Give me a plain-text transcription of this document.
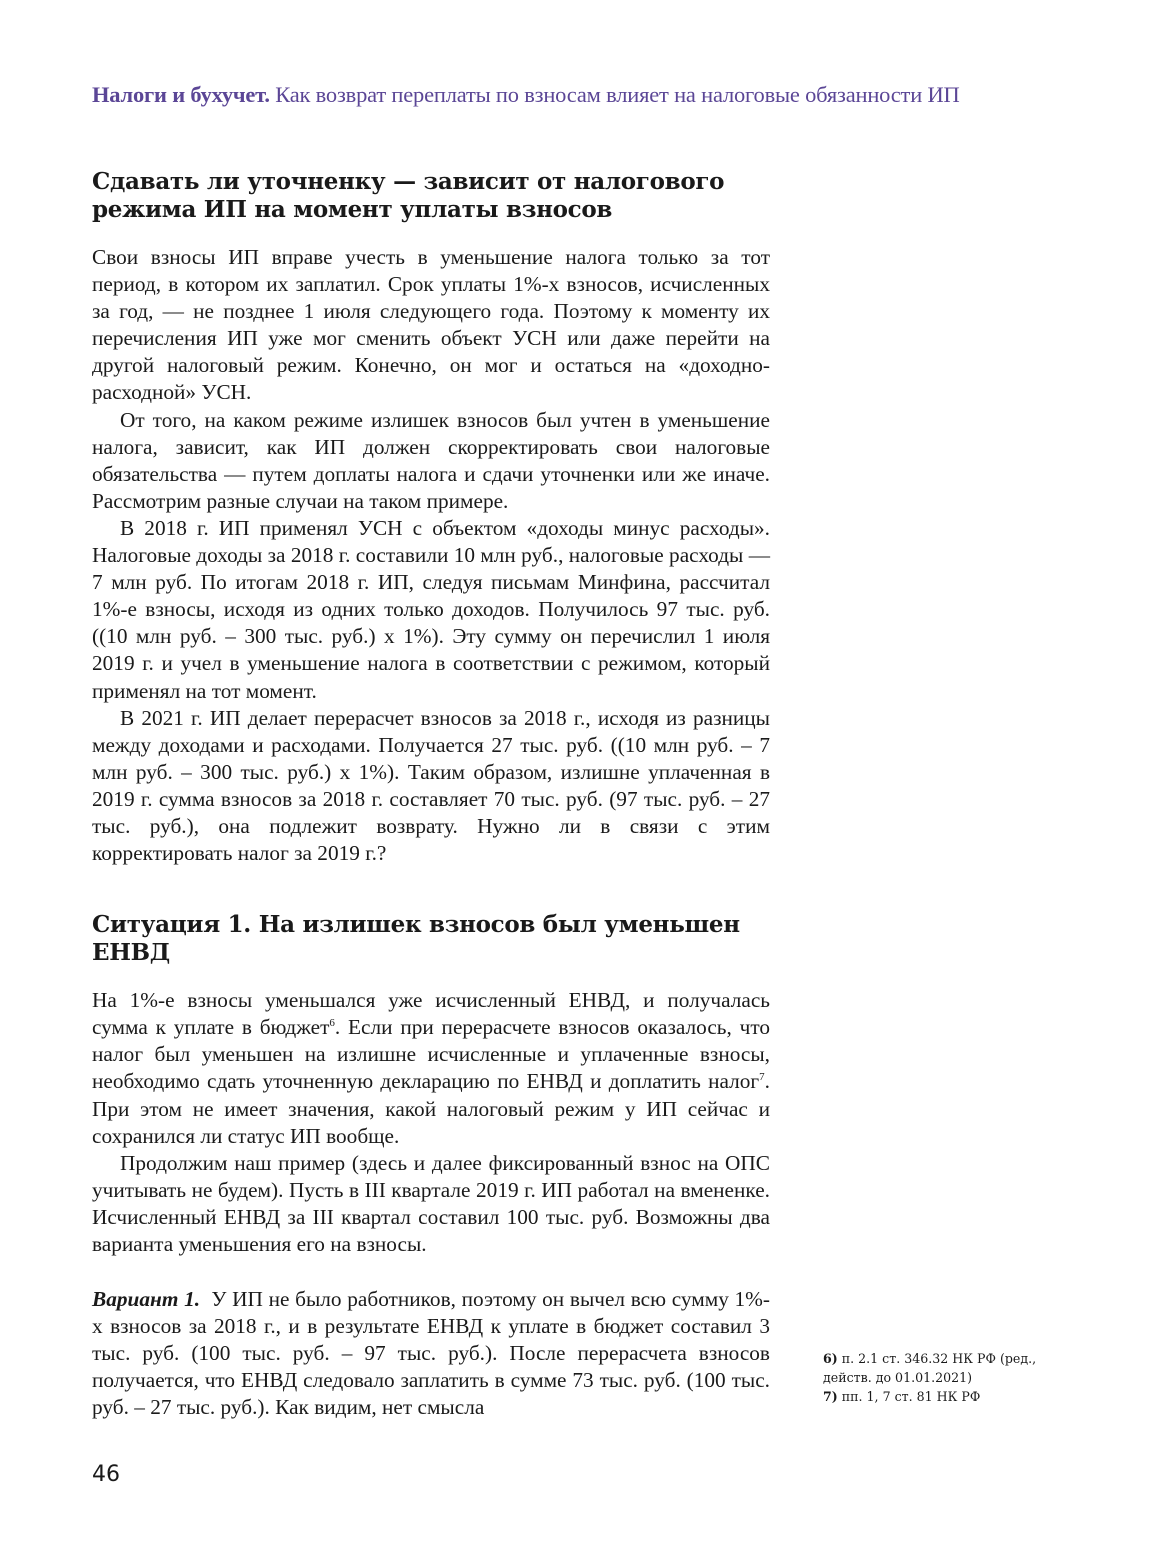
Налоги и бухучет. Как возврат переплаты по взносам влияет на налоговые обязанности ИП
Сдавать ли уточненку — зависит от налогового режима ИП на момент уплаты взносов

Свои взносы ИП вправе учесть в уменьшение налога только за тот период, в котором их заплатил. Срок уплаты 1%-х взносов, исчисленных за год, — не позднее 1 июля следующего года. Поэтому к моменту их перечисления ИП уже мог сменить объект УСН или даже перейти на другой налоговый режим. Конечно, он мог и остаться на «доходно-расходной» УСН.

От того, на каком режиме излишек взносов был учтен в уменьшение налога, зависит, как ИП должен скорректировать свои налоговые обязательства — путем доплаты налога и сдачи уточненки или же иначе. Рассмотрим разные случаи на таком примере.

В 2018 г. ИП применял УСН с объектом «доходы минус расходы». Налоговые доходы за 2018 г. составили 10 млн руб., налоговые расходы — 7 млн руб. По итогам 2018 г. ИП, следуя письмам Минфина, рассчитал 1%-е взносы, исходя из одних только доходов. Получилось 97 тыс. руб. ((10 млн руб. – 300 тыс. руб.) х 1%). Эту сумму он перечислил 1 июля 2019 г. и учел в уменьшение налога в соответствии с режимом, который применял на тот момент.

В 2021 г. ИП делает перерасчет взносов за 2018 г., исходя из разницы между доходами и расходами. Получается 27 тыс. руб. ((10 млн руб. – 7 млн руб. – 300 тыс. руб.) х 1%). Таким образом, излишне уплаченная в 2019 г. сумма взносов за 2018 г. составляет 70 тыс. руб. (97 тыс. руб. – 27 тыс. руб.), она подлежит возврату. Нужно ли в связи с этим корректировать налог за 2019 г.?

Ситуация 1. На излишек взносов был уменьшен ЕНВД

На 1%-е взносы уменьшался уже исчисленный ЕНВД, и получалась сумма к уплате в бюджет$^6$. Если при перерасчете взносов оказалось, что налог был уменьшен на излишне исчисленные и уплаченные взносы, необходимо сдать уточненную декларацию по ЕНВД и доплатить налог$^7$. При этом не имеет значения, какой налоговый режим у ИП сейчас и сохранился ли статус ИП вообще.

Продолжим наш пример (здесь и далее фиксированный взнос на ОПС учитывать не будем). Пусть в III квартале 2019 г. ИП работал на вмененке. Исчисленный ЕНВД за III квартал составил 100 тыс. руб. Возможны два варианта уменьшения его на взносы.

Вариант 1. У ИП не было работников, поэтому он вычел всю сумму 1%-х взносов за 2018 г., и в результате ЕНВД к уплате в бюджет составил 3 тыс. руб. (100 тыс. руб. – 97 тыс. руб.). После перерасчета взносов получается, что ЕНВД следовало заплатить в сумме 73 тыс. руб. (100 тыс. руб. – 27 тыс. руб.). Как видим, нет смысла

6) п. 2.1 ст. 346.32 НК РФ (ред., действ. до 01.01.2021)
7) пп. 1, 7 ст. 81 НК РФ
46
